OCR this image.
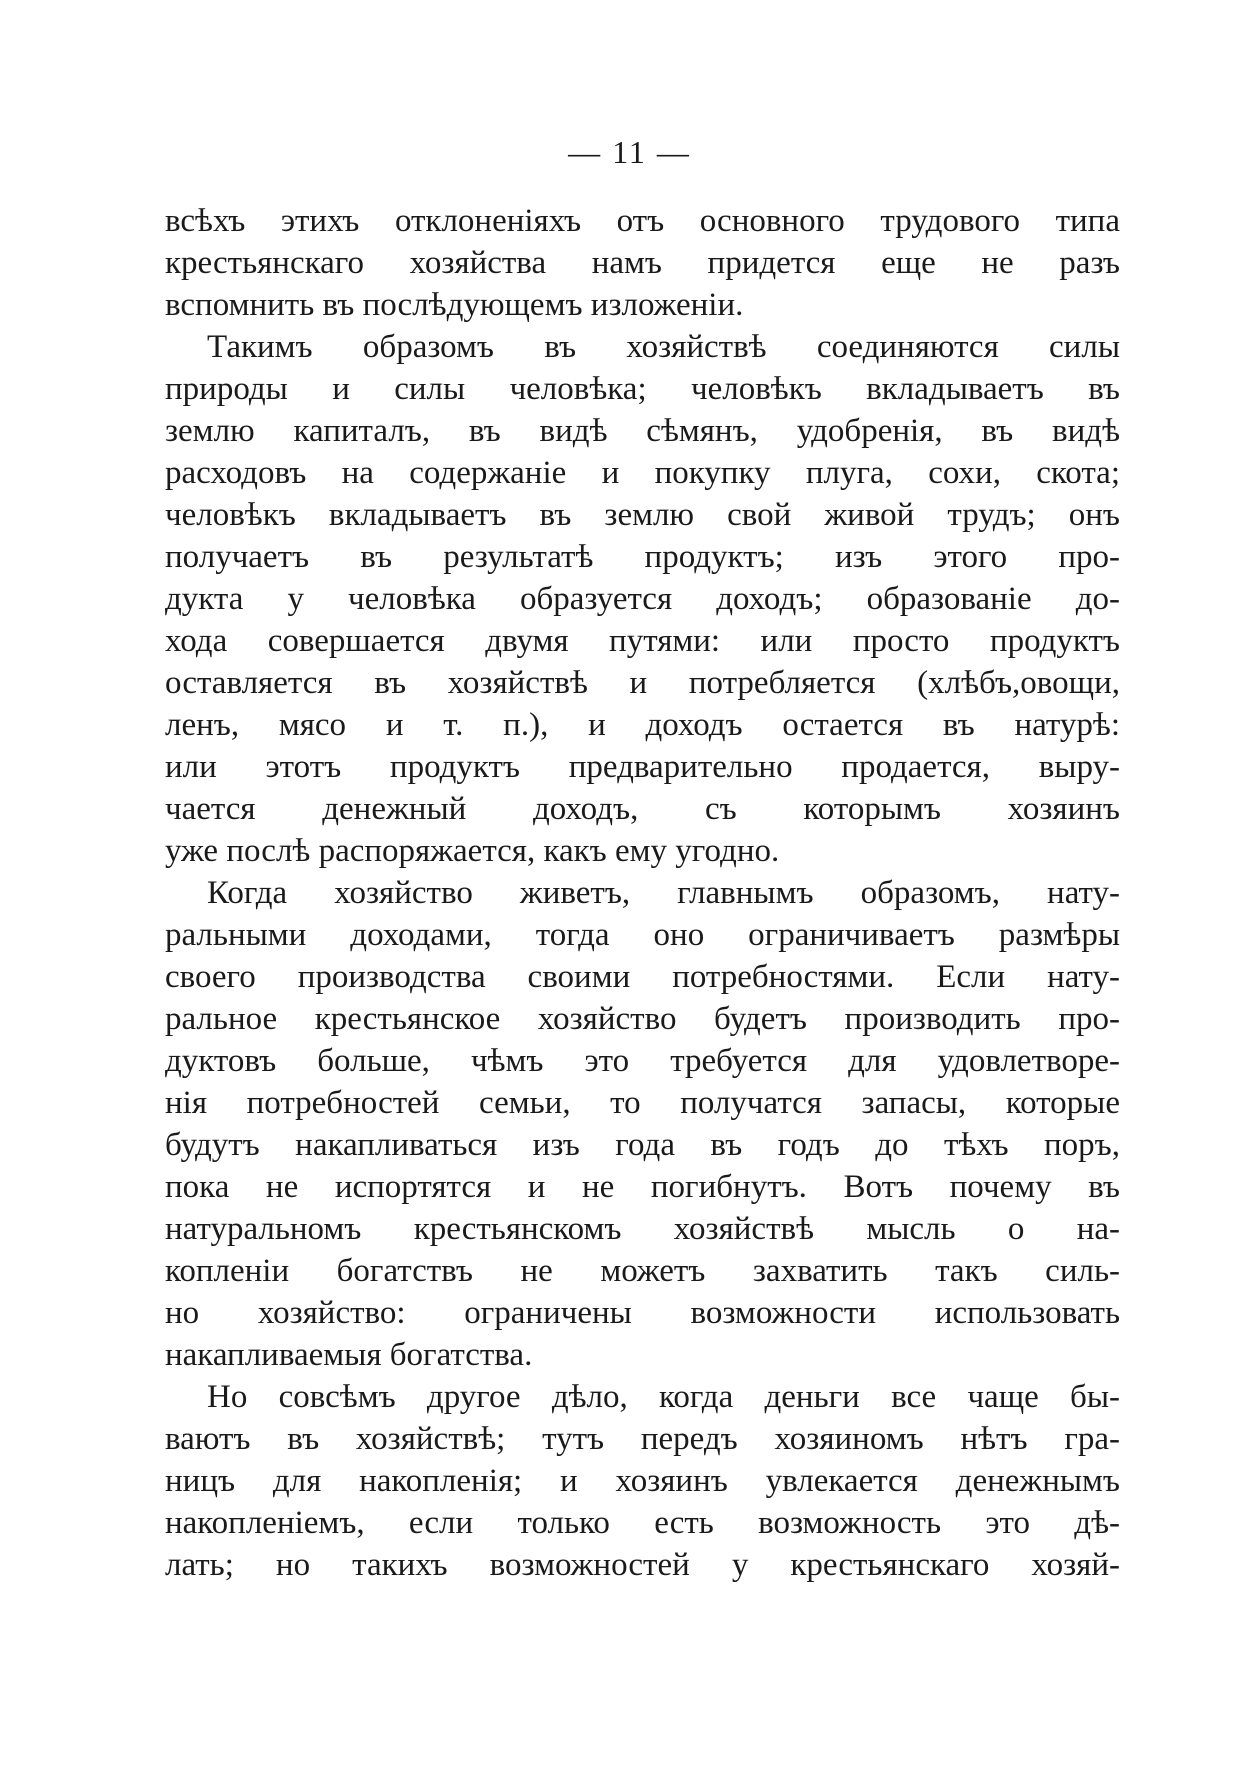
— 11 —
всѣхъ этихъ отклоненіяхъ отъ основного трудового типа
крестьянскаго хозяйства намъ придется еще не разъ
вспомнить въ послѣдующемъ изложеніи.
Такимъ образомъ въ хозяйствѣ соединяются силы
природы и силы человѣка; человѣкъ вкладываетъ въ
землю капиталъ, въ видѣ сѣмянъ, удобренія, въ видѣ
расходовъ на содержаніе и покупку плуга, сохи, скота;
человѣкъ вкладываетъ въ землю свой живой трудъ; онъ
получаетъ въ результатѣ продуктъ; изъ этого про-
дукта у человѣка образуется доходъ; образованіе до-
хода совершается двумя путями: или просто продуктъ
оставляется въ хозяйствѣ и потребляется (хлѣбъ,овощи,
ленъ, мясо и т. п.), и доходъ остается въ натурѣ:
или этотъ продуктъ предварительно продается, выру-
чается денежный доходъ, съ которымъ хозяинъ
уже послѣ распоряжается, какъ ему угодно.
Когда хозяйство живетъ, главнымъ образомъ, нату-
ральными доходами, тогда оно ограничиваетъ размѣры
своего производства своими потребностями. Если нату-
ральное крестьянское хозяйство будетъ производить про-
дуктовъ больше, чѣмъ это требуется для удовлетворе-
нія потребностей семьи, то получатся запасы, которые
будутъ накапливаться изъ года въ годъ до тѣхъ поръ,
пока не испортятся и не погибнутъ. Вотъ почему въ
натуральномъ крестьянскомъ хозяйствѣ мысль о на-
копленіи богатствъ не можетъ захватить такъ силь-
но хозяйство: ограничены возможности использовать
накапливаемыя богатства.
Но совсѣмъ другое дѣло, когда деньги все чаще бы-
ваютъ въ хозяйствѣ; тутъ передъ хозяиномъ нѣтъ гра-
ницъ для накопленія; и хозяинъ увлекается денежнымъ
накопленіемъ, если только есть возможность это дѣ-
лать; но такихъ возможностей у крестьянскаго хозяй-
